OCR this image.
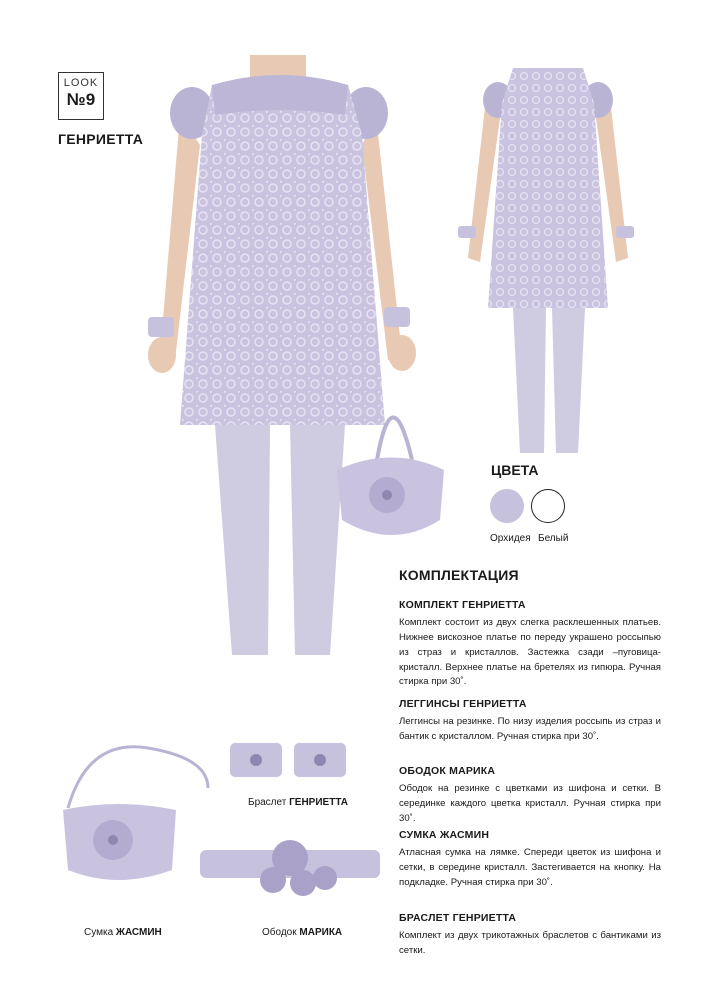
LOOK
№9
ГЕНРИЕТТА
ЦВЕТА
Орхидея Белый
КОМПЛЕКТАЦИЯ
КОМПЛЕКТ ГЕНРИЕТТА
Комплект состоит из двух слегка расклешенных платьев. Нижнее вискозное платье по переду украшено россыпью из страз и кристаллов. Застежка сзади –пуговица-кристалл. Верхнее платье на бретелях из гипюра. Ручная стирка при 30˚.
ЛЕГГИНСЫ ГЕНРИЕТТА
Леггинсы на резинке. По низу изделия россыпь из страз и бантик с кристаллом. Ручная стирка при 30˚.
ОБОДОК МАРИКА
Ободок на резинке с цветками из шифона и сетки. В серединке каждого цветка кристалл. Ручная стирка при 30˚.
СУМКА ЖАСМИН
Атласная сумка на лямке. Спереди цветок из шифона и сетки, в середине кристалл. Застегивается на кнопку. На подкладке. Ручная стирка при 30˚.
БРАСЛЕТ ГЕНРИЕТТА
Комплект из двух трикотажных браслетов с бантиками из сетки.
Браслет ГЕНРИЕТТА
Сумка ЖАСМИН	Ободок МАРИКА
